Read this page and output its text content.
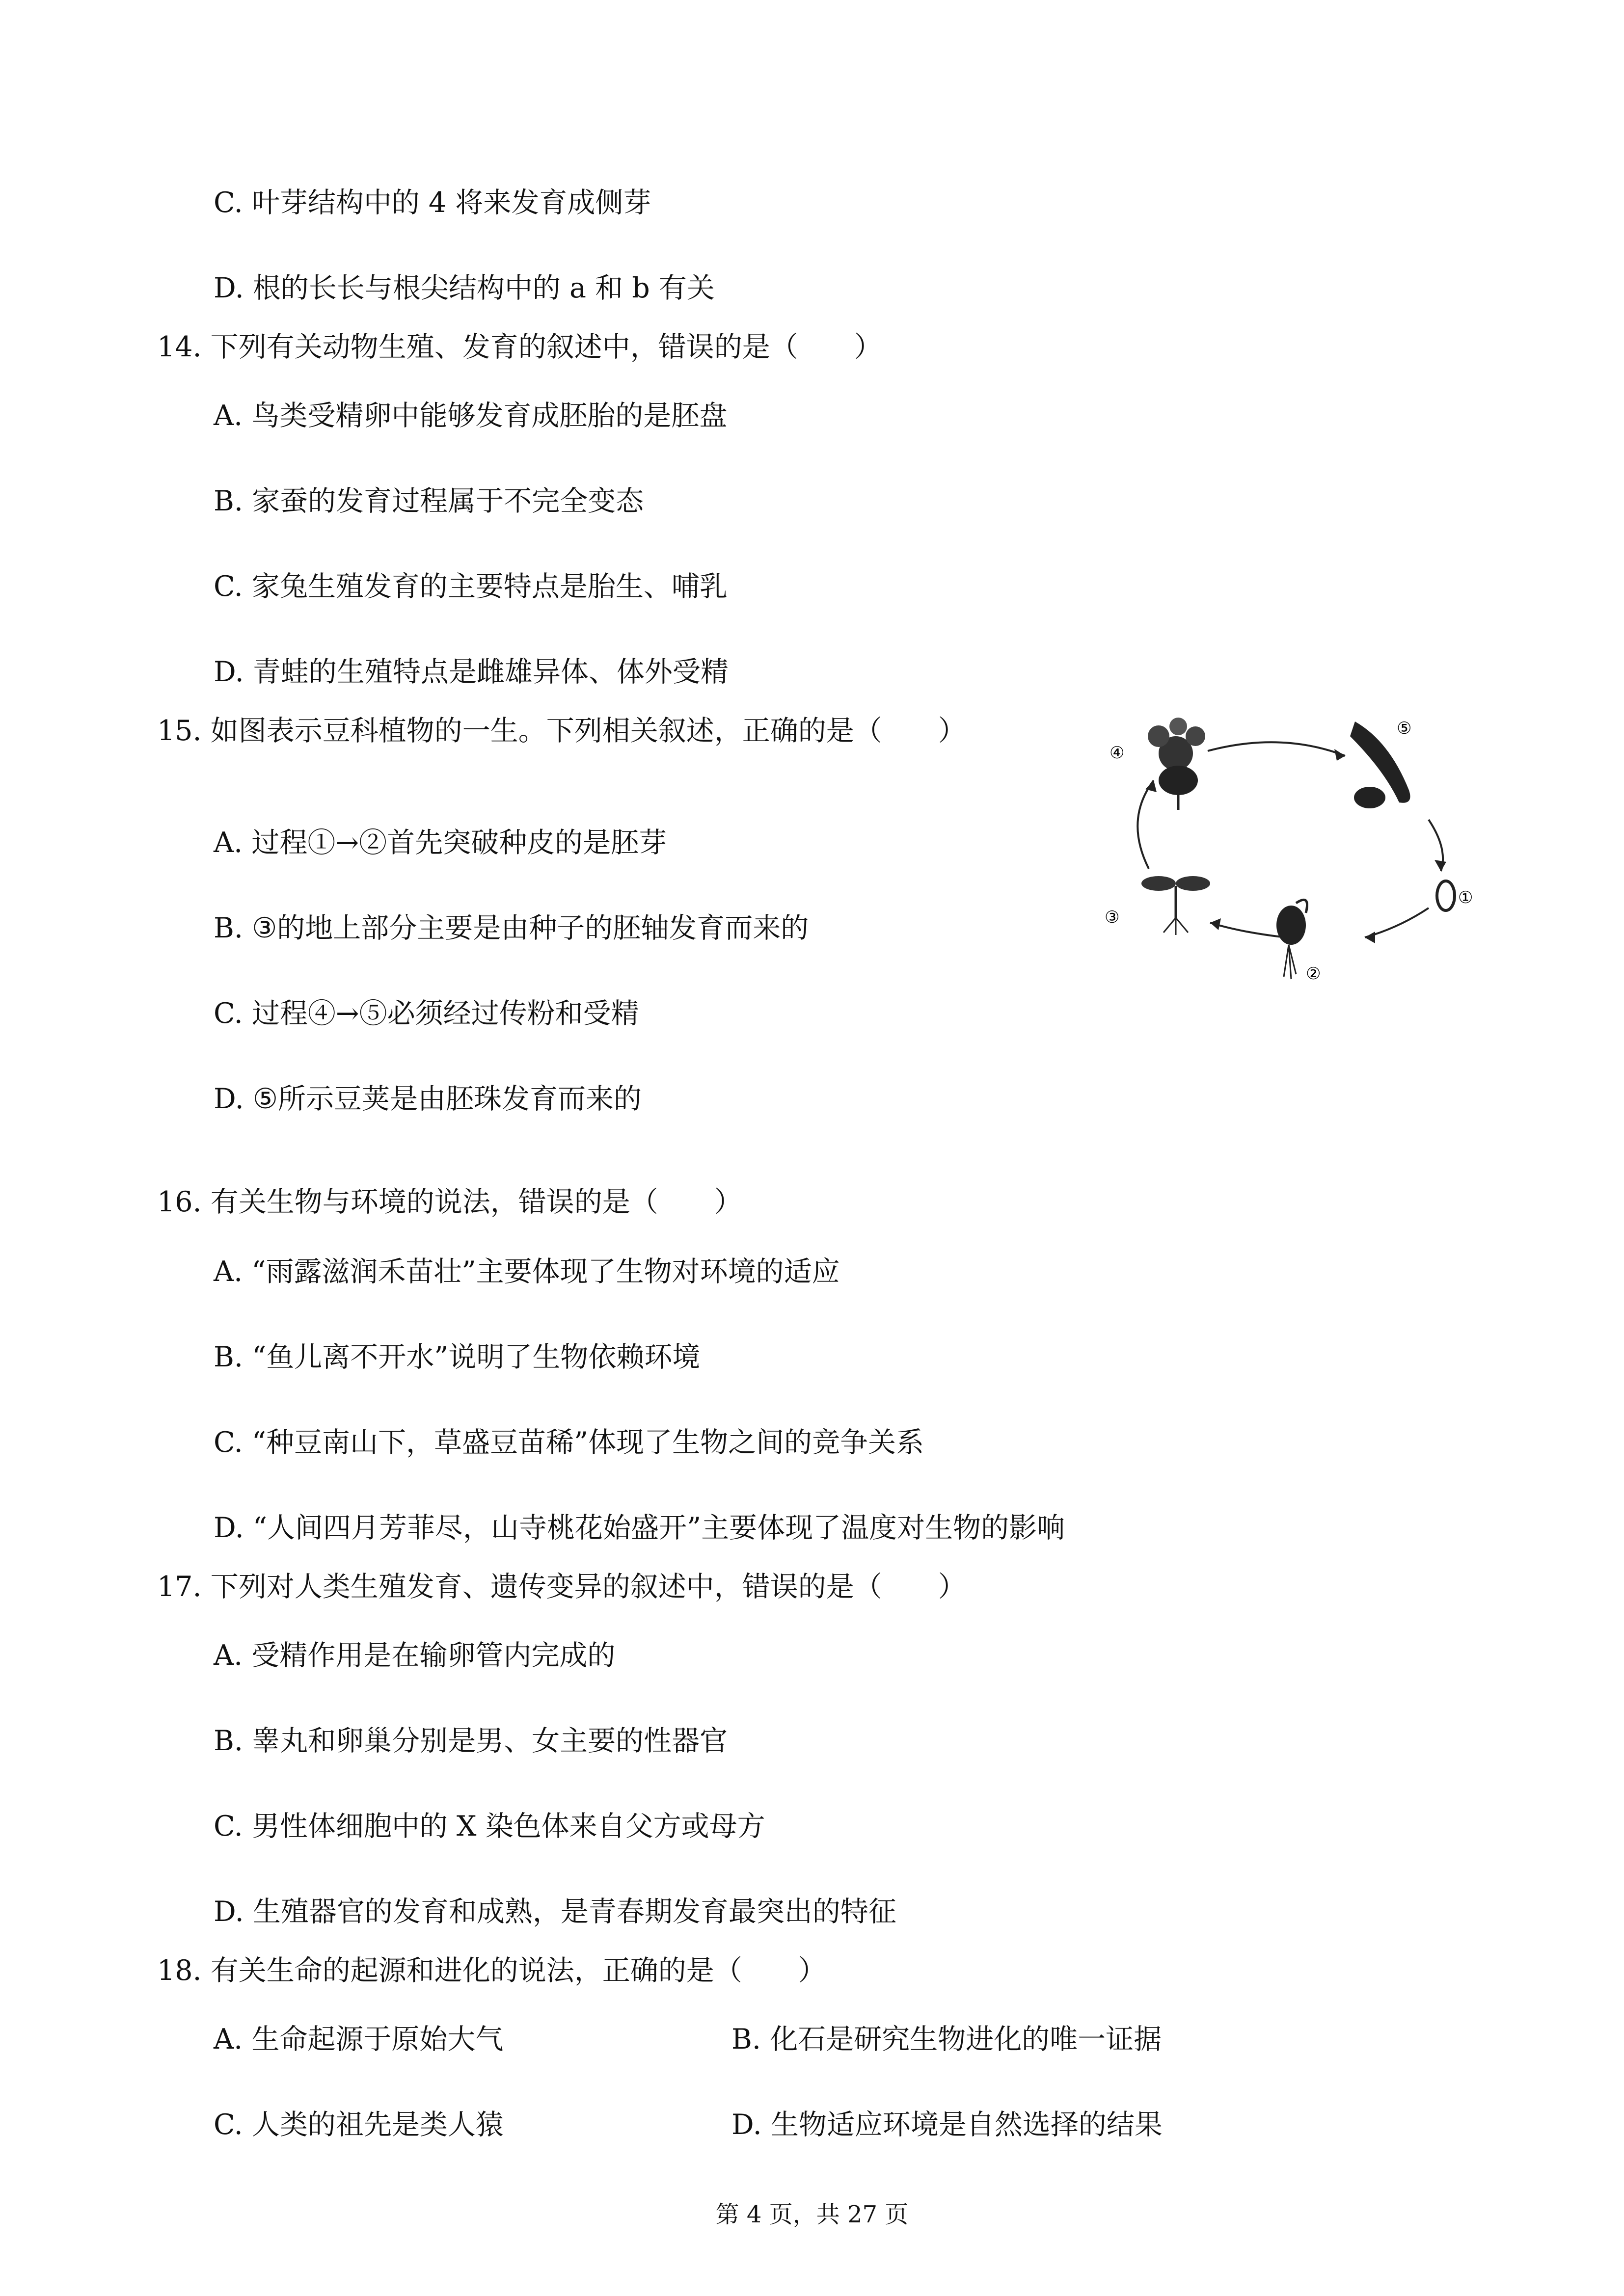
C. 叶芽结构中的 4 将来发育成侧芽
D. 根的长长与根尖结构中的 a 和 b 有关
14. 下列有关动物生殖、发育的叙述中，错误的是（　　）
A. 鸟类受精卵中能够发育成胚胎的是胚盘
B. 家蚕的发育过程属于不完全变态
C. 家兔生殖发育的主要特点是胎生、哺乳
D. 青蛙的生殖特点是雌雄异体、体外受精
15. 如图表示豆科植物的一生。下列相关叙述，正确的是（　　）
A. 过程①→②首先突破种皮的是胚芽
B. ③的地上部分主要是由种子的胚轴发育而来的
C. 过程④→⑤必须经过传粉和受精
D. ⑤所示豆荚是由胚珠发育而来的
④
⑤
①
②
③
16. 有关生物与环境的说法，错误的是（　　）
A. “雨露滋润禾苗壮”主要体现了生物对环境的适应
B. “鱼儿离不开水”说明了生物依赖环境
C. “种豆南山下，草盛豆苗稀”体现了生物之间的竞争关系
D. “人间四月芳菲尽，山寺桃花始盛开”主要体现了温度对生物的影响
17. 下列对人类生殖发育、遗传变异的叙述中，错误的是（　　）
A. 受精作用是在输卵管内完成的
B. 睾丸和卵巢分别是男、女主要的性器官
C. 男性体细胞中的 X 染色体来自父方或母方
D. 生殖器官的发育和成熟，是青春期发育最突出的特征
18. 有关生命的起源和进化的说法，正确的是（　　）
A. 生命起源于原始大气	B. 化石是研究生物进化的唯一证据
C. 人类的祖先是类人猿	D. 生物适应环境是自然选择的结果
第 4 页，共 27 页
